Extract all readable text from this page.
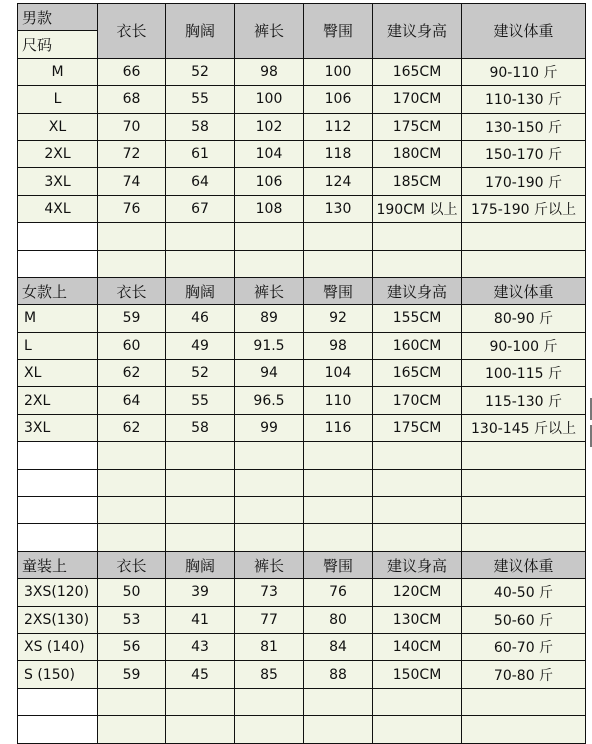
男款	衣长	胸阔	裤长	臀围	建议身高	建议体重
尺码						
M	66	52	98	100	165CM	90-110 斤
L	68	55	100	106	170CM	110-130 斤
XL	70	58	102	112	175CM	130-150 斤
2XL	72	61	104	118	180CM	150-170 斤
3XL	74	64	106	124	185CM	170-190 斤
4XL	76	67	108	130	190CM 以上	175-190 斤以上

女款上	衣长	胸阔	裤长	臀围	建议身高	建议体重
M	59	46	89	92	155CM	80-90 斤
L	60	49	91.5	98	160CM	90-100 斤
XL	62	52	94	104	165CM	100-115 斤
2XL	64	55	96.5	110	170CM	115-130 斤
3XL	62	58	99	116	175CM	130-145 斤以上

童装上	衣长	胸阔	裤长	臀围	建议身高	建议体重
3XS(120)	50	39	73	76	120CM	40-50 斤
2XS(130)	53	41	77	80	130CM	50-60 斤
XS (140)	56	43	81	84	140CM	60-70 斤
S (150)	59	45	85	88	150CM	70-80 斤
